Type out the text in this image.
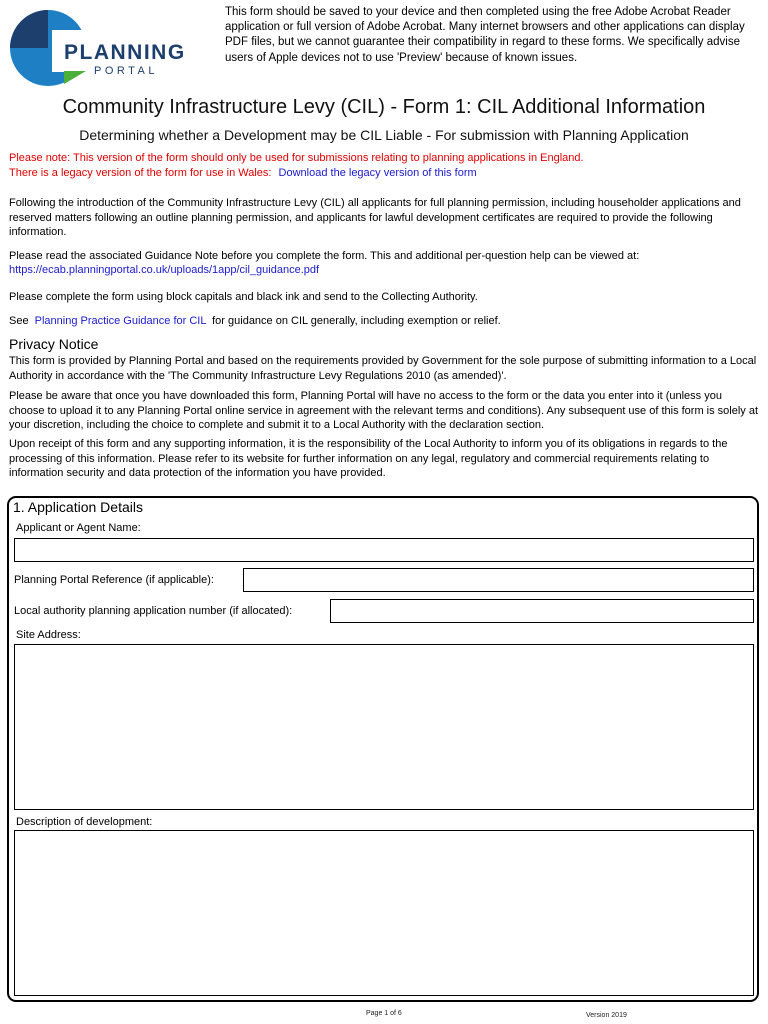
PLANNING
PORTAL
This form should be saved to your device and then completed using the free Adobe Acrobat Reader application or full version of Adobe Acrobat. Many internet browsers and other applications can display PDF files, but we cannot guarantee their compatibility in regard to these forms. We specifically advise users of Apple devices not to use 'Preview' because of known issues.
Community Infrastructure Levy (CIL) - Form 1: CIL Additional Information
Determining whether a Development may be CIL Liable - For submission with Planning Application
Please note: This version of the form should only be used for submissions relating to planning applications in England.
There is a legacy version of the form for use in Wales: Download the legacy version of this form
Following the introduction of the Community Infrastructure Levy (CIL) all applicants for full planning permission, including householder applications and reserved matters following an outline planning permission, and applicants for lawful development certificates are required to provide the following information.
Please read the associated Guidance Note before you complete the form. This and additional per-question help can be viewed at:
https://ecab.planningportal.co.uk/uploads/1app/cil_guidance.pdf
Please complete the form using block capitals and black ink and send to the Collecting Authority.
See Planning Practice Guidance for CIL for guidance on CIL generally, including exemption or relief.
Privacy Notice
This form is provided by Planning Portal and based on the requirements provided by Government for the sole purpose of submitting information to a Local Authority in accordance with the 'The Community Infrastructure Levy Regulations 2010 (as amended)'.
Please be aware that once you have downloaded this form, Planning Portal will have no access to the form or the data you enter into it (unless you choose to upload it to any Planning Portal online service in agreement with the relevant terms and conditions). Any subsequent use of this form is solely at your discretion, including the choice to complete and submit it to a Local Authority with the declaration section.
Upon receipt of this form and any supporting information, it is the responsibility of the Local Authority to inform you of its obligations in regards to the processing of this information. Please refer to its website for further information on any legal, regulatory and commercial requirements relating to information security and data protection of the information you have provided.
1. Application Details
Applicant or Agent Name:
Planning Portal Reference (if applicable):
Local authority planning application number (if allocated):
Site Address:
Description of development:
Page 1 of 6	Version 2019
